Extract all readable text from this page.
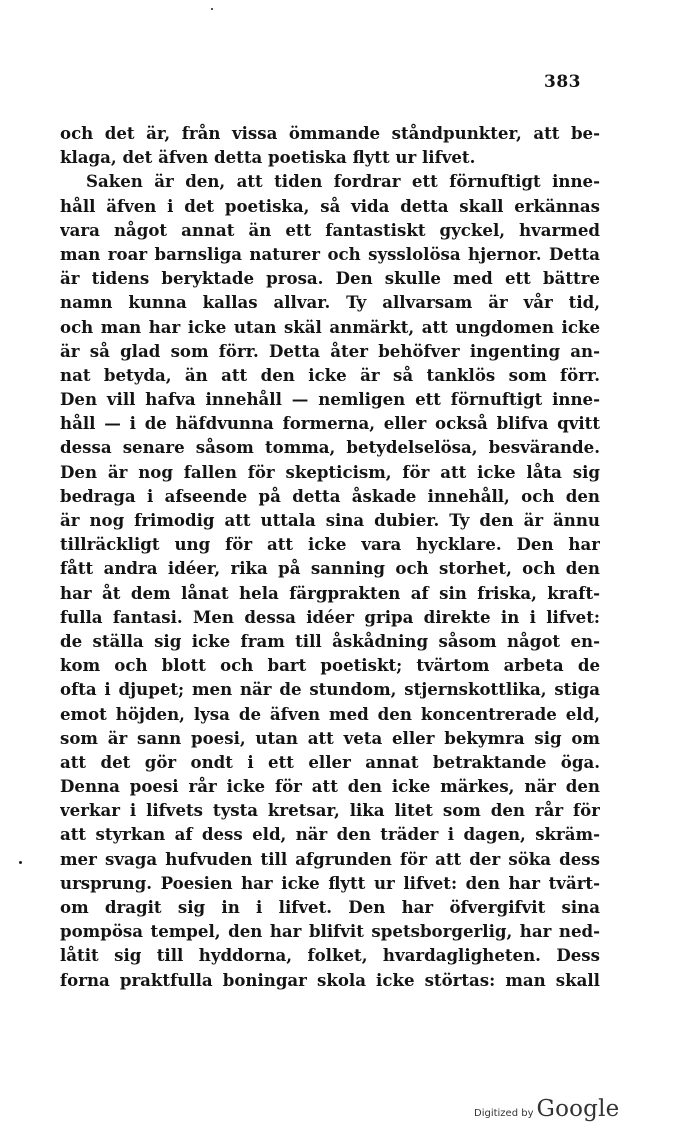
383
och det är, från vissa ömmande ståndpunkter, att be-
klaga, det äfven detta poetiska flytt ur lifvet.
Saken är den, att tiden fordrar ett förnuftigt inne-
håll äfven i det poetiska, så vida detta skall erkännas
vara något annat än ett fantastiskt gyckel, hvarmed
man roar barnsliga naturer och sysslolösa hjernor. Detta
är tidens beryktade prosa. Den skulle med ett bättre
namn kunna kallas allvar. Ty allvarsam är vår tid,
och man har icke utan skäl anmärkt, att ungdomen icke
är så glad som förr. Detta åter behöfver ingenting an-
nat betyda, än att den icke är så tanklös som förr.
Den vill hafva innehåll — nemligen ett förnuftigt inne-
håll — i de häfdvunna formerna, eller också blifva qvitt
dessa senare såsom tomma, betydelselösa, besvärande.
Den är nog fallen för skepticism, för att icke låta sig
bedraga i afseende på detta åskade innehåll, och den
är nog frimodig att uttala sina dubier. Ty den är ännu
tillräckligt ung för att icke vara hycklare. Den har
fått andra idéer, rika på sanning och storhet, och den
har åt dem lånat hela färgprakten af sin friska, kraft-
fulla fantasi. Men dessa idéer gripa direkte in i lifvet:
de ställa sig icke fram till åskådning såsom något en-
kom och blott och bart poetiskt; tvärtom arbeta de
ofta i djupet; men när de stundom, stjernskottlika, stiga
emot höjden, lysa de äfven med den koncentrerade eld,
som är sann poesi, utan att veta eller bekymra sig om
att det gör ondt i ett eller annat betraktande öga.
Denna poesi rår icke för att den icke märkes, när den
verkar i lifvets tysta kretsar, lika litet som den rår för
att styrkan af dess eld, när den träder i dagen, skräm-
mer svaga hufvuden till afgrunden för att der söka dess
ursprung. Poesien har icke flytt ur lifvet: den har tvärt-
om dragit sig in i lifvet. Den har öfvergifvit sina
pompösa tempel, den har blifvit spetsborgerlig, har ned-
låtit sig till hyddorna, folket, hvardagligheten. Dess
forna praktfulla boningar skola icke störtas: man skall
Digitized by Google
